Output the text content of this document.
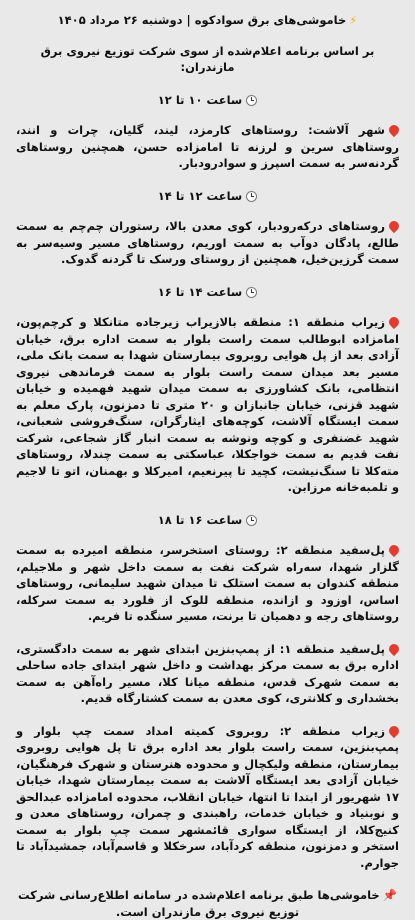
⚡خاموشی‌های برق سوادکوه | دوشنبه ۲۶ مرداد ۱۴۰۵

بر اساس برنامه اعلام‌شده از سوی شرکت توزیع نیروی برق مازندران:

ساعت ۱۰ تا ۱۲

شهر آلاشت: روستاهای کارمزد، لیند، گلیان، چرات و انند، روستاهای سرین و لرزنه تا امامزاده حسن، همچنین روستاهای گردنه‌سر به سمت اسپرز و سوادرودبار.

ساعت ۱۲ تا ۱۴

روستاهای درکه‌رودبار، کوی معدن بالا، رستوران چم‌چم به سمت طالع، پادگان دوآب به سمت اوریم، روستاهای مسیر وسیه‌سر به سمت گرزین‌خیل، همچنین از روستای ورسک تا گردنه گدوک.

ساعت ۱۴ تا ۱۶

زیراب منطقه ۱: منطقه بالازیراب زیرجاده متانکلا و کرچم‌پون، امامزاده ابوطالب سمت راست بلوار به سمت اداره برق، خیابان آزادی بعد از پل هوایی روبروی بیمارستان شهدا به سمت بانک ملی، مسیر بعد میدان سمت راست بلوار به سمت فرماندهی نیروی انتظامی، بانک کشاورزی به سمت میدان شهید فهمیده و خیابان شهید قزنی، خیابان جانبازان و ۲۰ متری تا دمزنون، پارک معلم به سمت ایستگاه آلاشت، کوچه‌های ایثارگران، سنگ‌فروشی شعبانی، شهید غضنفری و کوچه ونوشه به سمت انبار گاز شجاعی، شرکت نفت قدیم به سمت خواجکلا، عباسکتی به سمت چندلا، روستاهای متەکلا تا سنگ‌نیشت، کچید تا پیرنعیم، امیرکلا و بهمنان، اتو تا لاجیم و تلمبه‌خانه مرزابن.

ساعت ۱۶ تا ۱۸

پل‌سفید منطقه ۲: روستای استخرسر، منطقه امیرده به سمت گلزار شهدا، سه‌راه شرکت نفت به سمت داخل شهر و ملاجیلم، منطقه کندوان به سمت استلک تا میدان شهید سلیمانی، روستاهای اساس، اوزود و ازانده، منطقه للوک از فلورد به سمت سرکله، روستاهای رجه و دهمیان تا برنت، مسیر سنگده تا فریم.

پل‌سفید منطقه ۱: از پمپ‌بنزین ابتدای شهر به سمت دادگستری، اداره برق به سمت مرکز بهداشت و داخل شهر ابتدای جاده ساحلی به سمت شهرک قدس، منطقه میانا کلا، مسیر راه‌آهن به سمت بخشداری و کلانتری، کوی معدن به سمت کشتارگاه قدیم.

زیراب منطقه ۲: روبروی کمیته امداد سمت چپ بلوار و پمپ‌بنزین، سمت راست بلوار بعد اداره برق تا پل هوایی روبروی بیمارستان، منطقه ولیکچال و محدوده هنرستان و شهرک فرهنگیان، خیابان آزادی بعد ایستگاه آلاشت به سمت بیمارستان شهدا، خیابان ۱۷ شهریور از ابتدا تا انتها، خیابان انقلاب، محدوده امامزاده عبدالحق و نوبنیاد و خیابان خدمات، راهبندی و چمران، روستاهای معدن و کنیج‌کلا، از ایستگاه سواری قائمشهر سمت چپ بلوار به سمت استخر و دمزنون، منطقه کردآباد، سرخکلا و قاسم‌آباد، جمشیدآباد تا جوارم.

📌خاموشی‌ها طبق برنامه اعلام‌شده در سامانه اطلاع‌رسانی شرکت توزیع نیروی برق مازندران است.
